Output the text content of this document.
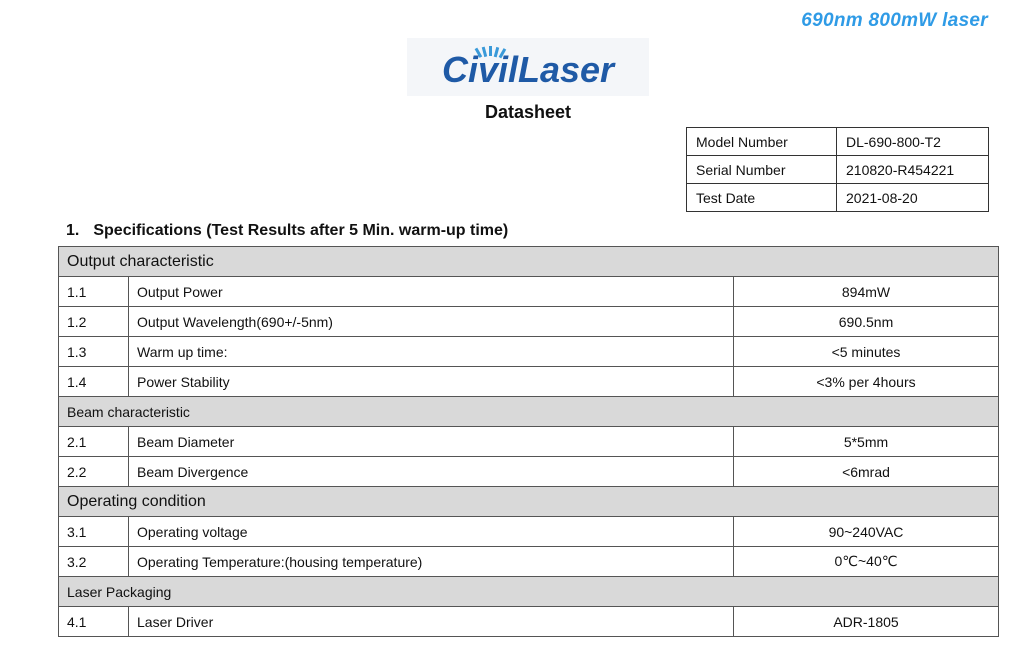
690nm 800mW laser
CivilLaser
Datasheet
Model Number	DL-690-800-T2
Serial Number	210820-R454221
Test Date	2021-08-20
1. Specifications (Test Results after 5 Min. warm-up time)
Output characteristic		
1.1	Output Power	894mW
1.2	Output Wavelength(690+/-5nm)	690.5nm
1.3	Warm up time:	<5 minutes
1.4	Power Stability	<3% per 4hours
Beam characteristic		
2.1	Beam Diameter	5*5mm
2.2	Beam Divergence	<6mrad
Operating condition		
3.1	Operating voltage	90~240VAC
3.2	Operating Temperature:(housing temperature)	0℃~40℃
Laser Packaging		
4.1	Laser Driver	ADR-1805
